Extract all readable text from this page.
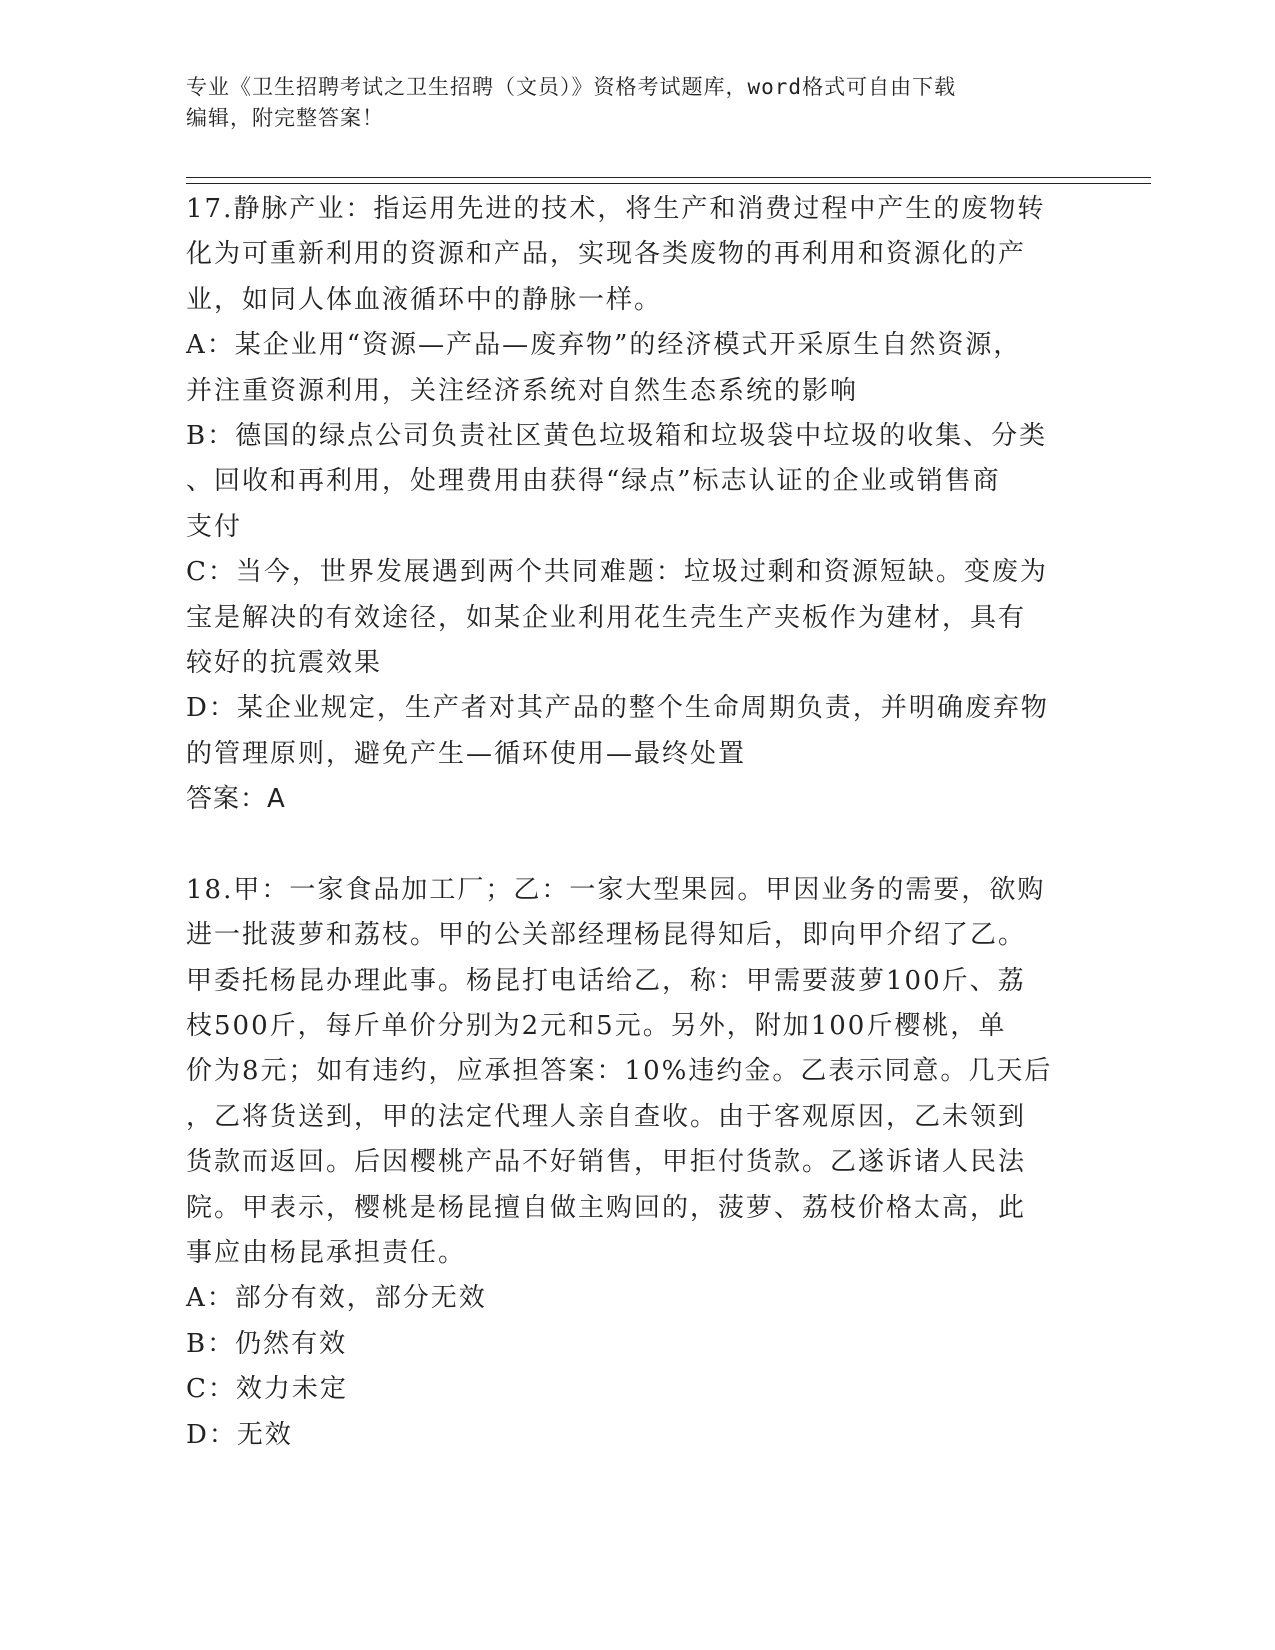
专业《卫生招聘考试之卫生招聘（文员）》资格考试题库，word格式可自由下载
编辑，附完整答案！

17.静脉产业：指运用先进的技术，将生产和消费过程中产生的废物转

化为可重新利用的资源和产品，实现各类废物的再利用和资源化的产

业，如同人体血液循环中的静脉一样。

A：某企业用“资源—产品—废弃物”的经济模式开采原生自然资源，

并注重资源利用，关注经济系统对自然生态系统的影响

B：德国的绿点公司负责社区黄色垃圾箱和垃圾袋中垃圾的收集、分类

、回收和再利用，处理费用由获得“绿点”标志认证的企业或销售商

支付

C：当今，世界发展遇到两个共同难题：垃圾过剩和资源短缺。变废为

宝是解决的有效途径，如某企业利用花生壳生产夹板作为建材，具有

较好的抗震效果

D：某企业规定，生产者对其产品的整个生命周期负责，并明确废弃物

的管理原则，避免产生—循环使用—最终处置

答案：A

18.甲：一家食品加工厂；乙：一家大型果园。甲因业务的需要，欲购

进一批菠萝和荔枝。甲的公关部经理杨昆得知后，即向甲介绍了乙。

甲委托杨昆办理此事。杨昆打电话给乙，称：甲需要菠萝100斤、荔

枝500斤，每斤单价分别为2元和5元。另外，附加100斤樱桃，单

价为8元；如有违约，应承担答案：10%违约金。乙表示同意。几天后

，乙将货送到，甲的法定代理人亲自查收。由于客观原因，乙未领到

货款而返回。后因樱桃产品不好销售，甲拒付货款。乙遂诉诸人民法

院。甲表示，樱桃是杨昆擅自做主购回的，菠萝、荔枝价格太高，此

事应由杨昆承担责任。

A：部分有效，部分无效

B：仍然有效

C：效力未定

D：无效
